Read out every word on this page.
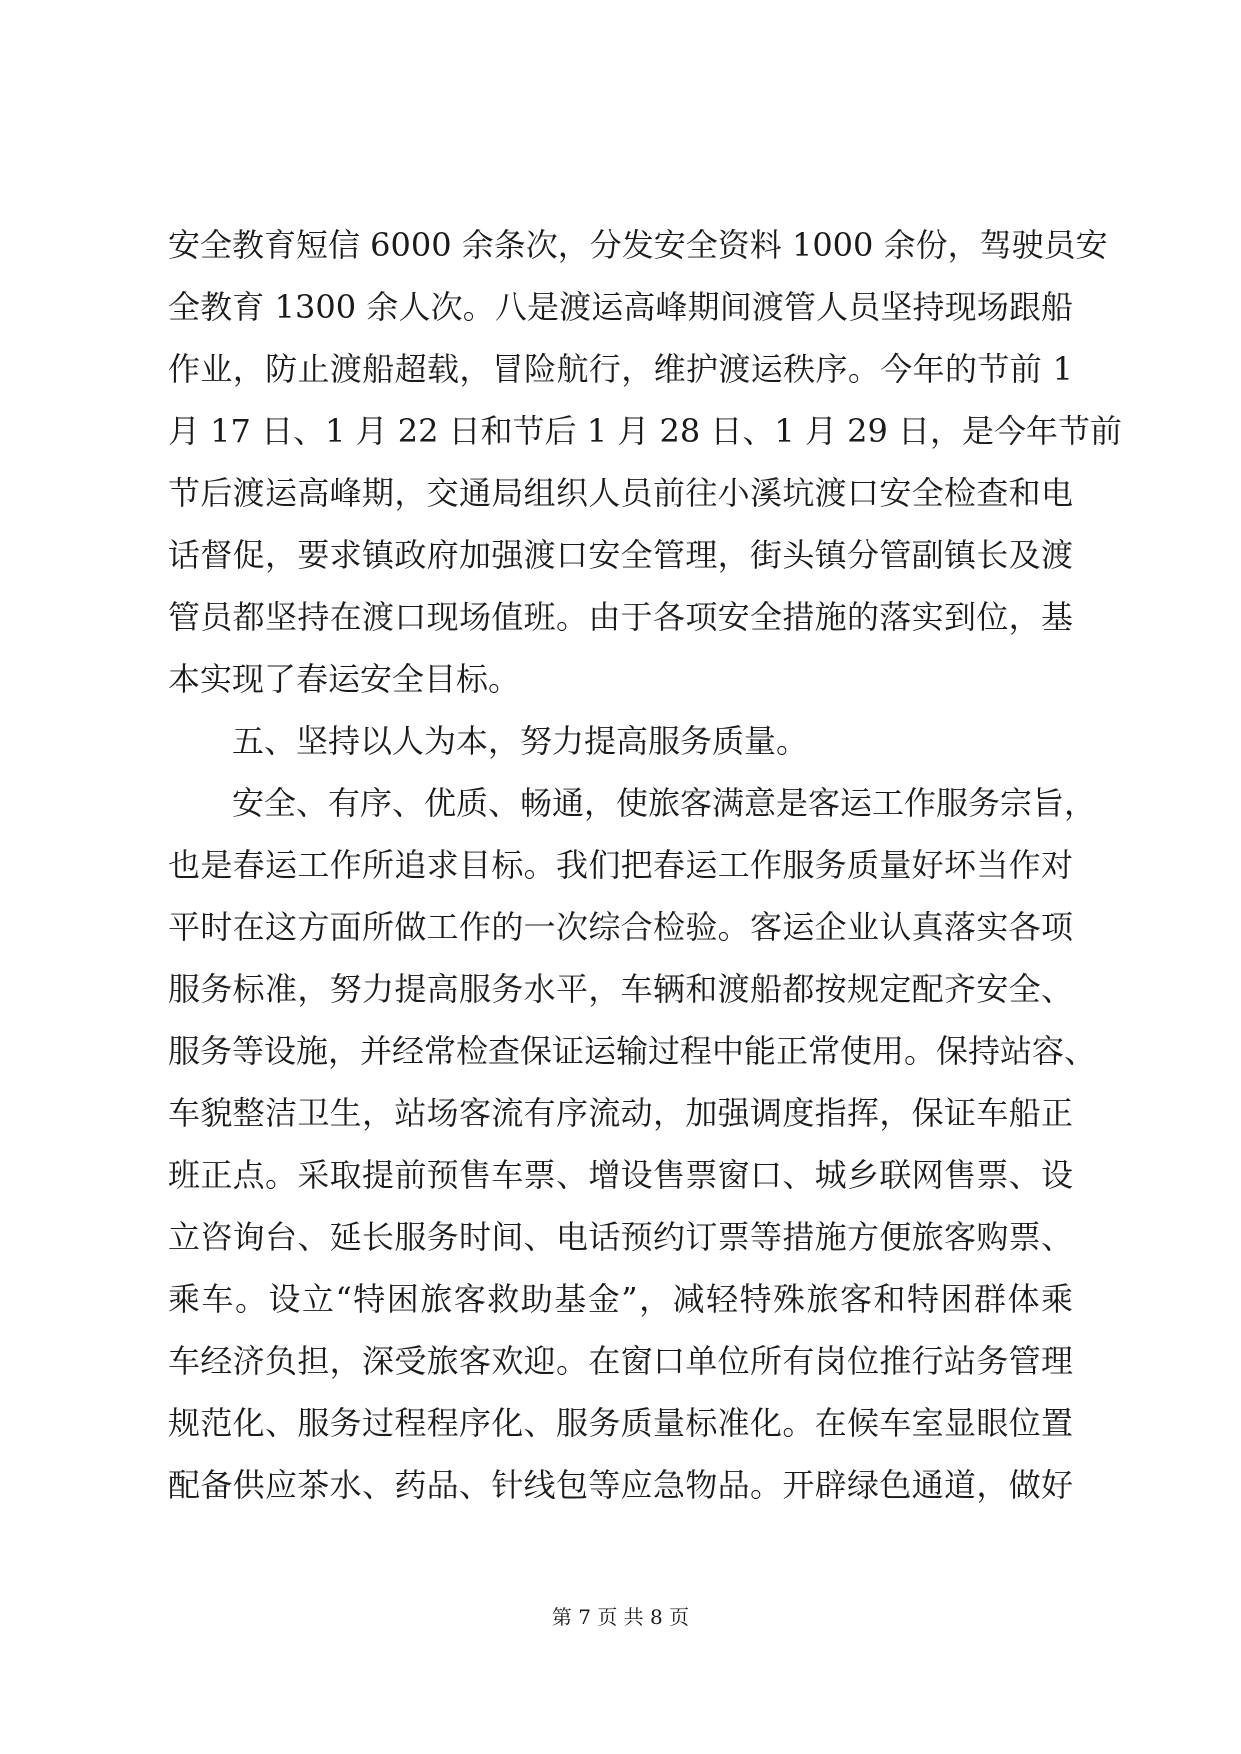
安全教育短信 6000 余条次，分发安全资料 1000 余份，驾驶员安
全教育 1300 余人次。八是渡运高峰期间渡管人员坚持现场跟船
作业，防止渡船超载，冒险航行，维护渡运秩序。今年的节前 1
月 17 日、1 月 22 日和节后 1 月 28 日、1 月 29 日，是今年节前
节后渡运高峰期，交通局组织人员前往小溪坑渡口安全检查和电
话督促，要求镇政府加强渡口安全管理，街头镇分管副镇长及渡
管员都坚持在渡口现场值班。由于各项安全措施的落实到位，基
本实现了春运安全目标。
五、坚持以人为本，努力提高服务质量。
安全、有序、优质、畅通，使旅客满意是客运工作服务宗旨，
也是春运工作所追求目标。我们把春运工作服务质量好坏当作对
平时在这方面所做工作的一次综合检验。客运企业认真落实各项
服务标准，努力提高服务水平，车辆和渡船都按规定配齐安全、
服务等设施，并经常检查保证运输过程中能正常使用。保持站容、
车貌整洁卫生，站场客流有序流动，加强调度指挥，保证车船正
班正点。采取提前预售车票、增设售票窗口、城乡联网售票、设
立咨询台、延长服务时间、电话预约订票等措施方便旅客购票、
乘车。设立“特困旅客救助基金”，减轻特殊旅客和特困群体乘
车经济负担，深受旅客欢迎。在窗口单位所有岗位推行站务管理
规范化、服务过程程序化、服务质量标准化。在候车室显眼位置
配备供应茶水、药品、针线包等应急物品。开辟绿色通道，做好
第 7 页 共 8 页
